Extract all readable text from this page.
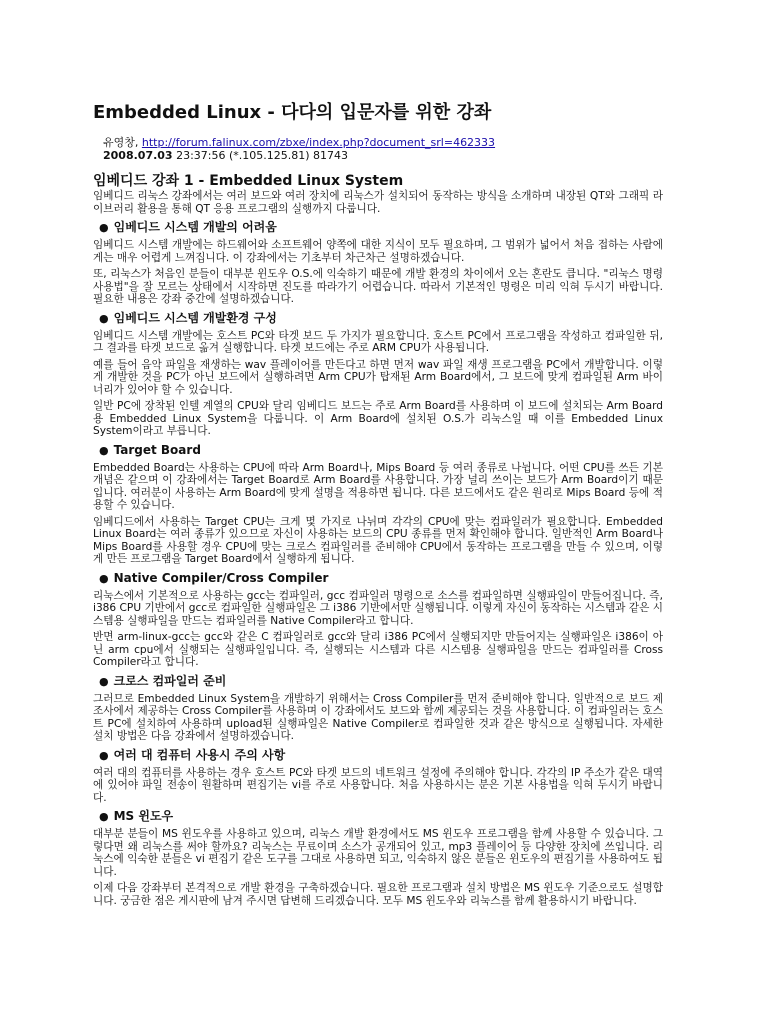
Embedded Linux - 다다의 입문자를 위한 강좌
유영창, http://forum.falinux.com/zbxe/index.php?document_srl=462333
2008.07.03 23:37:56 (*.105.125.81) 81743
임베디드 강좌 1 - Embedded Linux System

임베디드 리눅스 강좌에서는 여러 보드와 여러 장치에 리눅스가 설치되어 동작하는 방식을 소개하며 내장된 QT와 그래픽 라이브러리 활용을 통해 QT 응용 프로그램의 실행까지 다룹니다.

● 임베디드 시스템 개발의 어려움

임베디드 시스템 개발에는 하드웨어와 소프트웨어 양쪽에 대한 지식이 모두 필요하며, 그 범위가 넓어서 처음 접하는 사람에게는 매우 어렵게 느껴집니다. 이 강좌에서는 기초부터 차근차근 설명하겠습니다.

또, 리눅스가 처음인 분들이 대부분 윈도우 O.S.에 익숙하기 때문에 개발 환경의 차이에서 오는 혼란도 큽니다. "리눅스 명령 사용법"을 잘 모르는 상태에서 시작하면 진도를 따라가기 어렵습니다. 따라서 기본적인 명령은 미리 익혀 두시기 바랍니다. 필요한 내용은 강좌 중간에 설명하겠습니다.

● 임베디드 시스템 개발환경 구성

임베디드 시스템 개발에는 호스트 PC와 타겟 보드 두 가지가 필요합니다. 호스트 PC에서 프로그램을 작성하고 컴파일한 뒤, 그 결과를 타겟 보드로 옮겨 실행합니다. 타겟 보드에는 주로 ARM CPU가 사용됩니다.

예를 들어 음악 파일을 재생하는 wav 플레이어를 만든다고 하면 먼저 wav 파일 재생 프로그램을 PC에서 개발합니다. 이렇게 개발한 것을 PC가 아닌 보드에서 실행하려면 Arm CPU가 탑재된 Arm Board에서, 그 보드에 맞게 컴파일된 Arm 바이너리가 있어야 할 수 있습니다.

일반 PC에 장착된 인텔 계열의 CPU와 달리 임베디드 보드는 주로 Arm Board를 사용하며 이 보드에 설치되는 Arm Board용 Embedded Linux System을 다룹니다. 이 Arm Board에 설치된 O.S.가 리눅스일 때 이를 Embedded Linux System이라고 부릅니다.

● Target Board

Embedded Board는 사용하는 CPU에 따라 Arm Board나, Mips Board 등 여러 종류로 나뉩니다. 어떤 CPU를 쓰든 기본 개념은 같으며 이 강좌에서는 Target Board로 Arm Board를 사용합니다. 가장 널리 쓰이는 보드가 Arm Board이기 때문입니다. 여러분이 사용하는 Arm Board에 맞게 설명을 적용하면 됩니다. 다른 보드에서도 같은 원리로 Mips Board 등에 적용할 수 있습니다.

임베디드에서 사용하는 Target CPU는 크게 몇 가지로 나뉘며 각각의 CPU에 맞는 컴파일러가 필요합니다. Embedded Linux Board는 여러 종류가 있으므로 자신이 사용하는 보드의 CPU 종류를 먼저 확인해야 합니다. 일반적인 Arm Board나 Mips Board를 사용할 경우 CPU에 맞는 크로스 컴파일러를 준비해야 CPU에서 동작하는 프로그램을 만들 수 있으며, 이렇게 만든 프로그램을 Target Board에서 실행하게 됩니다.

● Native Compiler/Cross Compiler

리눅스에서 기본적으로 사용하는 gcc는 컴파일러, gcc 컴파일러 명령으로 소스를 컴파일하면 실행파일이 만들어집니다. 즉, i386 CPU 기반에서 gcc로 컴파일한 실행파일은 그 i386 기반에서만 실행됩니다. 이렇게 자신이 동작하는 시스템과 같은 시스템용 실행파일을 만드는 컴파일러를 Native Compiler라고 합니다.

반면 arm-linux-gcc는 gcc와 같은 C 컴파일러로 gcc와 달리 i386 PC에서 실행되지만 만들어지는 실행파일은 i386이 아닌 arm cpu에서 실행되는 실행파일입니다. 즉, 실행되는 시스템과 다른 시스템용 실행파일을 만드는 컴파일러를 Cross Compiler라고 합니다.

● 크로스 컴파일러 준비

그러므로 Embedded Linux System을 개발하기 위해서는 Cross Compiler를 먼저 준비해야 합니다. 일반적으로 보드 제조사에서 제공하는 Cross Compiler를 사용하며 이 강좌에서도 보드와 함께 제공되는 것을 사용합니다. 이 컴파일러는 호스트 PC에 설치하여 사용하며 upload된 실행파일은 Native Compiler로 컴파일한 것과 같은 방식으로 실행됩니다. 자세한 설치 방법은 다음 강좌에서 설명하겠습니다.

● 여러 대 컴퓨터 사용시 주의 사항

여러 대의 컴퓨터를 사용하는 경우 호스트 PC와 타겟 보드의 네트워크 설정에 주의해야 합니다. 각각의 IP 주소가 같은 대역에 있어야 파일 전송이 원활하며 편집기는 vi를 주로 사용합니다. 처음 사용하시는 분은 기본 사용법을 익혀 두시기 바랍니다.

● MS 윈도우

대부분 분들이 MS 윈도우를 사용하고 있으며, 리눅스 개발 환경에서도 MS 윈도우 프로그램을 함께 사용할 수 있습니다. 그렇다면 왜 리눅스를 써야 할까요? 리눅스는 무료이며 소스가 공개되어 있고, mp3 플레이어 등 다양한 장치에 쓰입니다. 리눅스에 익숙한 분들은 vi 편집기 같은 도구를 그대로 사용하면 되고, 익숙하지 않은 분들은 윈도우의 편집기를 사용하여도 됩니다.

이제 다음 강좌부터 본격적으로 개발 환경을 구축하겠습니다. 필요한 프로그램과 설치 방법은 MS 윈도우 기준으로도 설명합니다. 궁금한 점은 게시판에 남겨 주시면 답변해 드리겠습니다. 모두 MS 윈도우와 리눅스를 함께 활용하시기 바랍니다.
